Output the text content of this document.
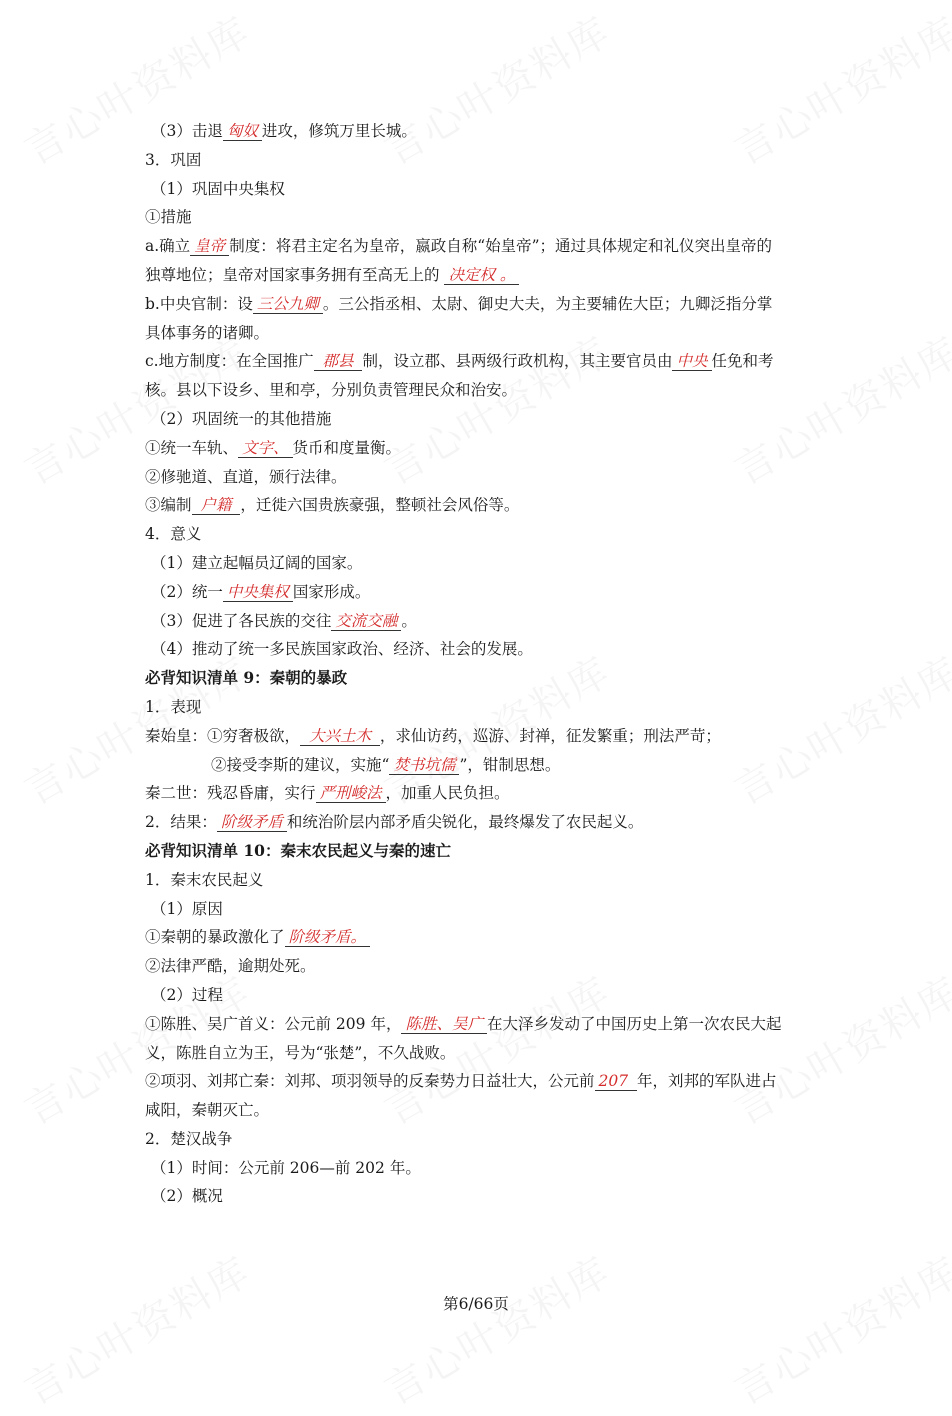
（3）击退 匈奴 进攻，修筑万里长城。
3．巩固
（1）巩固中央集权
①措施
a.确立 皇帝 制度：将君主定名为皇帝，嬴政自称“始皇帝”；通过具体规定和礼仪突出皇帝的
独尊地位；皇帝对国家事务拥有至高无上的 决定权 。
b.中央官制：设 三公九卿 。三公指丞相、太尉、御史大夫，为主要辅佐大臣；九卿泛指分掌
具体事务的诸卿。
c.地方制度：在全国推广 郡县 制，设立郡、县两级行政机构，其主要官员由 中央 任免和考
核。县以下设乡、里和亭，分别负责管理民众和治安。
（2）巩固统一的其他措施
①统一车轨、 文字、 货币和度量衡。
②修驰道、直道，颁行法律。
③编制 户籍 ，迁徙六国贵族豪强，整顿社会风俗等。
4．意义
（1）建立起幅员辽阔的国家。
（2）统一 中央集权 国家形成。
（3）促进了各民族的交往 交流交融 。
（4）推动了统一多民族国家政治、经济、社会的发展。
必背知识清单 9：秦朝的暴政
1．表现
秦始皇：①穷奢极欲， 大兴土木 ，求仙访药，巡游、封禅，征发繁重；刑法严苛；
②接受李斯的建议，实施“ 焚书坑儒 ”，钳制思想。
秦二世：残忍昏庸，实行 严刑峻法 ，加重人民负担。
2．结果： 阶级矛盾 和统治阶层内部矛盾尖锐化，最终爆发了农民起义。
必背知识清单 10：秦末农民起义与秦的速亡
1．秦末农民起义
（1）原因
①秦朝的暴政激化了 阶级矛盾。
②法律严酷，逾期处死。
（2）过程
①陈胜、吴广首义：公元前 209 年， 陈胜、吴广 在大泽乡发动了中国历史上第一次农民大起
义，陈胜自立为王，号为“张楚”，不久战败。
②项羽、刘邦亡秦：刘邦、项羽领导的反秦势力日益壮大，公元前 207 年，刘邦的军队进占
咸阳，秦朝灭亡。
2．楚汉战争
（1）时间：公元前 206—前 202 年。
（2）概况
第6/66页
